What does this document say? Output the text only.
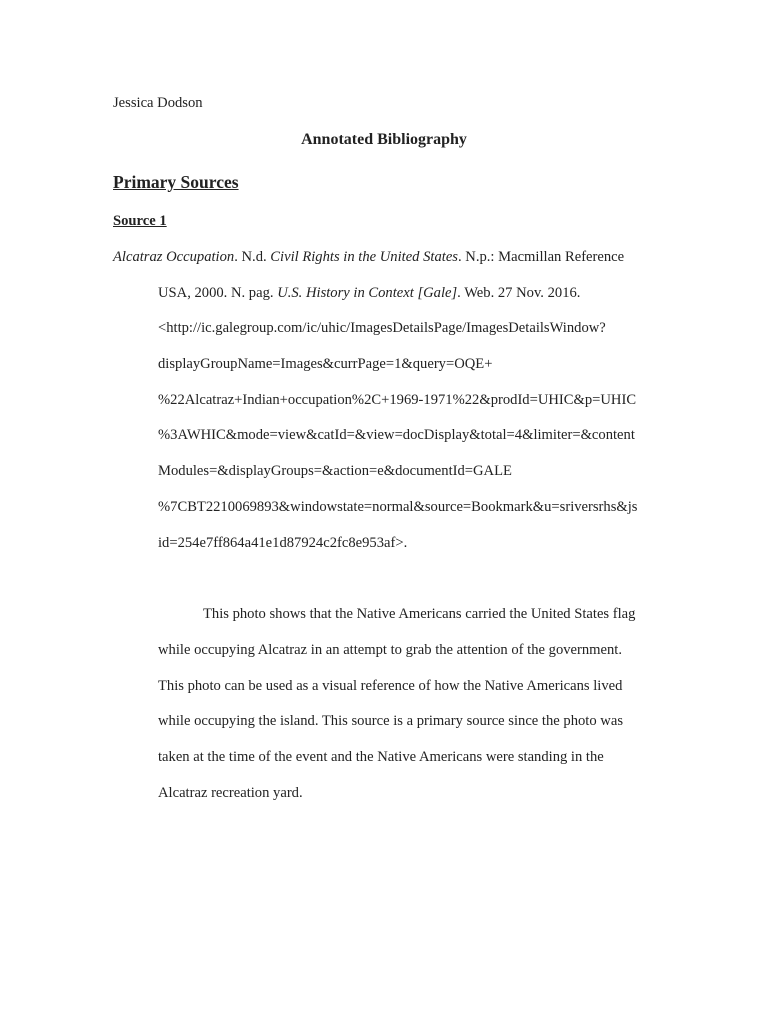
Jessica Dodson
Annotated Bibliography
Primary Sources
Source 1
Alcatraz Occupation. N.d. Civil Rights in the United States. N.p.: Macmillan Reference
USA, 2000. N. pag. U.S. History in Context [Gale]. Web. 27 Nov. 2016.
<http://ic.galegroup.com/ic/uhic/ImagesDetailsPage/ImagesDetailsWindow?
displayGroupName=Images&currPage=1&query=OQE+
%22Alcatraz+Indian+occupation%2C+1969-1971%22&prodId=UHIC&p=UHIC
%3AWHIC&mode=view&catId=&view=docDisplay&total=4&limiter=&content
Modules=&displayGroups=&action=e&documentId=GALE
%7CBT2210069893&windowstate=normal&source=Bookmark&u=sriversrhs&js
id=254e7ff864a41e1d87924c2fc8e953af>.
This photo shows that the Native Americans carried the United States flag
while occupying Alcatraz in an attempt to grab the attention of the government.
This photo can be used as a visual reference of how the Native Americans lived
while occupying the island. This source is a primary source since the photo was
taken at the time of the event and the Native Americans were standing in the
Alcatraz recreation yard.
